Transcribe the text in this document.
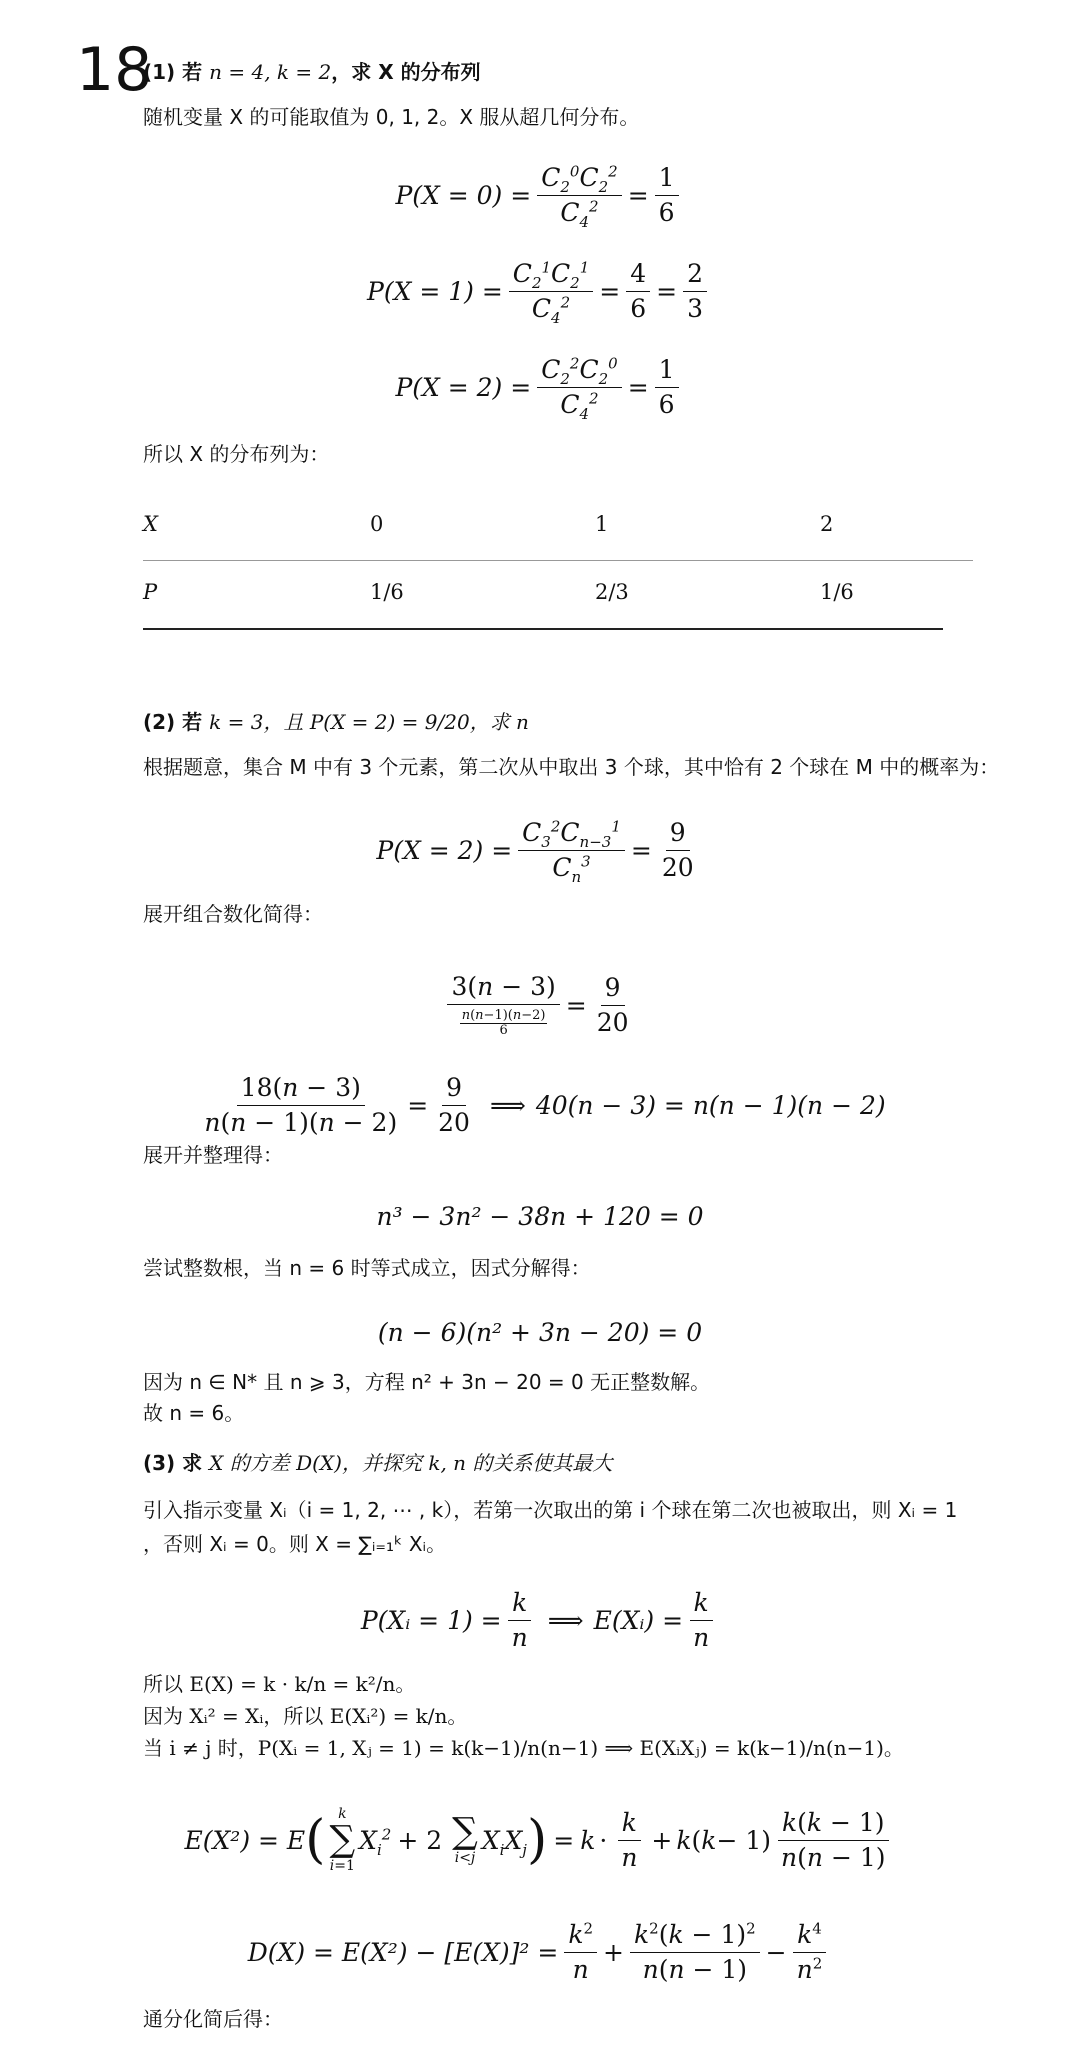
18
(1) 若 n = 4, k = 2，求 X 的分布列
随机变量 X 的可能取值为 0, 1, 2。X 服从超几何分布。
$P(X = 0) = \frac{C_2^0C_2^2}{C_4^2} = \frac{1}{6}$
$P(X = 1) = \frac{C_2^1C_2^1}{C_4^2} = \frac{4}{6} = \frac{2}{3}$
$P(X = 2) = \frac{C_2^2C_2^0}{C_4^2} = \frac{1}{6}$
所以 X 的分布列为：
X	0	1	2
P	1/6	2/3	1/6
(2) 若 k = 3，且 P(X = 2) = 9/20，求 n
根据题意，集合 M 中有 3 个元素，第二次从中取出 3 个球，其中恰有 2 个球在 M 中的概率为：
$P(X = 2) = \frac{C_3^2C_{n-3}^1}{C_n^3} = \frac{9}{20}$
展开组合数化简得：
$\frac{3(n - 3)}{\frac{n(n-1)(n-2)}{6}} = \frac{9}{20}$
$\frac{18(n - 3)}{n(n - 1)(n - 2)} = \frac{9}{20}$ ⟹ 40(n − 3) = n(n − 1)(n − 2)
展开并整理得：
n³ − 3n² − 38n + 120 = 0
尝试整数根，当 n = 6 时等式成立，因式分解得：
(n − 6)(n² + 3n − 20) = 0
因为 n ∈ N* 且 n ⩾ 3，方程 n² + 3n − 20 = 0 无正整数解。
故 n = 6。
(3) 求 X 的方差 D(X)，并探究 k, n 的关系使其最大
引入指示变量 Xᵢ（i = 1, 2, ⋯ , k），若第一次取出的第 i 个球在第二次也被取出，则 Xᵢ = 1
，否则 Xᵢ = 0。则 X = ∑ᵢ₌₁ᵏ Xᵢ。
P(Xᵢ = $1) = \frac{k}{n}$ ⟹ E(Xᵢ) = $\frac{k}{n}$
所以 E(X) = k · k/n = k²/n。
因为 Xᵢ² = Xᵢ，所以 E(Xᵢ²) = k/n。
当 i ≠ j 时，P(Xᵢ = 1, Xⱼ = 1) = k(k−1)/n(n−1) ⟹ E(XᵢXⱼ) = k(k−1)/n(n−1)。
E(X²) = E ( k
∑
i=1
$X_i^2 + 2$ ∑
i<j
$X_iX_j$ ) = $k \cdot \frac{k}{n} + k$ ( $k - 1) \frac{k(k - 1)}{n(n - 1)}$
$D(X) = E(X^2) - [E(X)]^2 = \frac{k^2}{n} + \frac{k^2(k - 1)^2}{n(n - 1)} - \frac{k^4}{n^2}$
通分化简后得：
